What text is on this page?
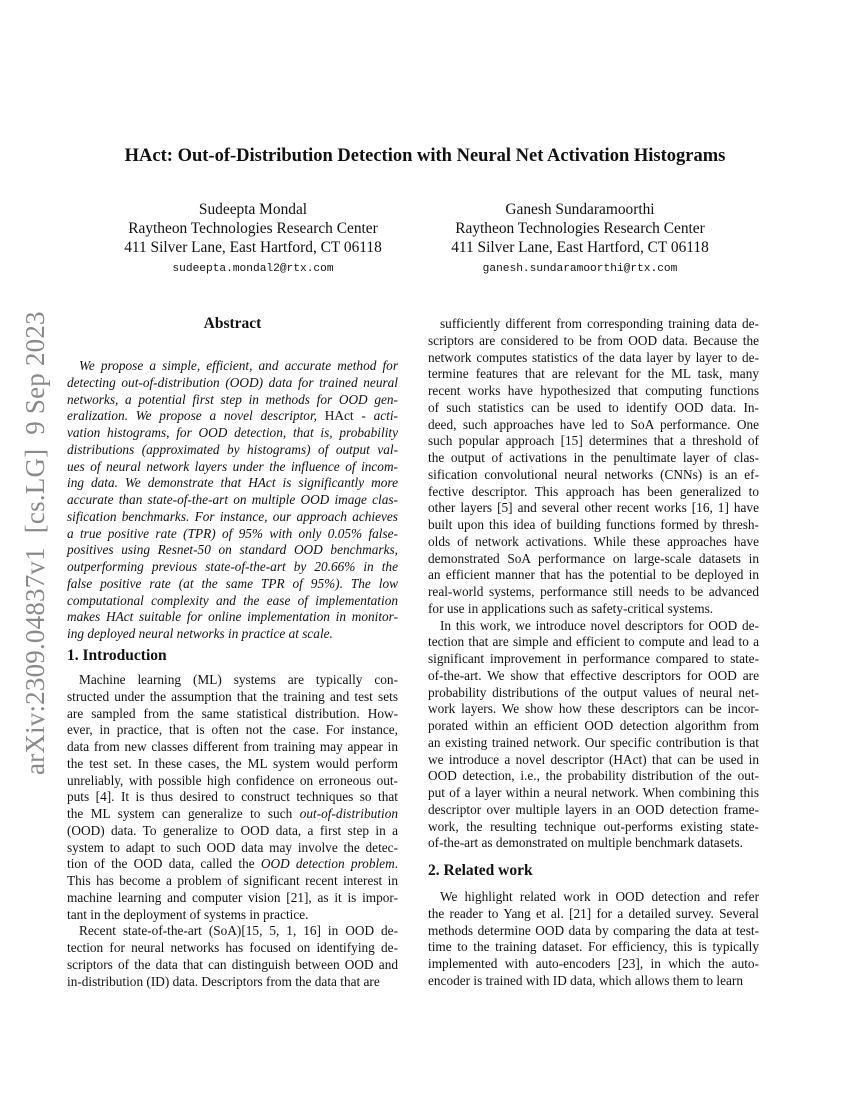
HAct: Out-of-Distribution Detection with Neural Net Activation Histograms
Sudeepta Mondal
Raytheon Technologies Research Center
411 Silver Lane, East Hartford, CT 06118
sudeepta.mondal2@rtx.com
Ganesh Sundaramoorthi
Raytheon Technologies Research Center
411 Silver Lane, East Hartford, CT 06118
ganesh.sundaramoorthi@rtx.com
arXiv:2309.04837v1  [cs.LG]  9 Sep 2023	Abstract
We propose a simple, efficient, and accurate method for
detecting out-of-distribution (OOD) data for trained neural
networks, a potential first step in methods for OOD gen-
eralization. We propose a novel descriptor, HAct - acti-
vation histograms, for OOD detection, that is, probability
distributions (approximated by histograms) of output val-
ues of neural network layers under the influence of incom-
ing data. We demonstrate that HAct is significantly more
accurate than state-of-the-art on multiple OOD image clas-
sification benchmarks. For instance, our approach achieves
a true positive rate (TPR) of 95% with only 0.05% false-
positives using Resnet-50 on standard OOD benchmarks,
outperforming previous state-of-the-art by 20.66% in the
false positive rate (at the same TPR of 95%). The low
computational complexity and the ease of implementation
makes HAct suitable for online implementation in monitor-
ing deployed neural networks in practice at scale.
1. Introduction
Machine learning (ML) systems are typically con-
structed under the assumption that the training and test sets
are sampled from the same statistical distribution. How-
ever, in practice, that is often not the case. For instance,
data from new classes different from training may appear in
the test set. In these cases, the ML system would perform
unreliably, with possible high confidence on erroneous out-
puts [4]. It is thus desired to construct techniques so that
the ML system can generalize to such out-of-distribution
(OOD) data. To generalize to OOD data, a first step in a
system to adapt to such OOD data may involve the detec-
tion of the OOD data, called the OOD detection problem.
This has become a problem of significant recent interest in
machine learning and computer vision [21], as it is impor-
tant in the deployment of systems in practice.
Recent state-of-the-art (SoA)[15, 5, 1, 16] in OOD de-
tection for neural networks has focused on identifying de-
scriptors of the data that can distinguish between OOD and
in-distribution (ID) data. Descriptors from the data that are
sufficiently different from corresponding training data de-
scriptors are considered to be from OOD data. Because the
network computes statistics of the data layer by layer to de-
termine features that are relevant for the ML task, many
recent works have hypothesized that computing functions
of such statistics can be used to identify OOD data. In-
deed, such approaches have led to SoA performance. One
such popular approach [15] determines that a threshold of
the output of activations in the penultimate layer of clas-
sification convolutional neural networks (CNNs) is an ef-
fective descriptor. This approach has been generalized to
other layers [5] and several other recent works [16, 1] have
built upon this idea of building functions formed by thresh-
olds of network activations. While these approaches have
demonstrated SoA performance on large-scale datasets in
an efficient manner that has the potential to be deployed in
real-world systems, performance still needs to be advanced
for use in applications such as safety-critical systems.
In this work, we introduce novel descriptors for OOD de-
tection that are simple and efficient to compute and lead to a
significant improvement in performance compared to state-
of-the-art. We show that effective descriptors for OOD are
probability distributions of the output values of neural net-
work layers. We show how these descriptors can be incor-
porated within an efficient OOD detection algorithm from
an existing trained network. Our specific contribution is that
we introduce a novel descriptor (HAct) that can be used in
OOD detection, i.e., the probability distribution of the out-
put of a layer within a neural network. When combining this
descriptor over multiple layers in an OOD detection frame-
work, the resulting technique out-performs existing state-
of-the-art as demonstrated on multiple benchmark datasets.
2. Related work
We highlight related work in OOD detection and refer
the reader to Yang et al. [21] for a detailed survey. Several
methods determine OOD data by comparing the data at test-
time to the training dataset. For efficiency, this is typically
implemented with auto-encoders [23], in which the auto-
encoder is trained with ID data, which allows them to learn
